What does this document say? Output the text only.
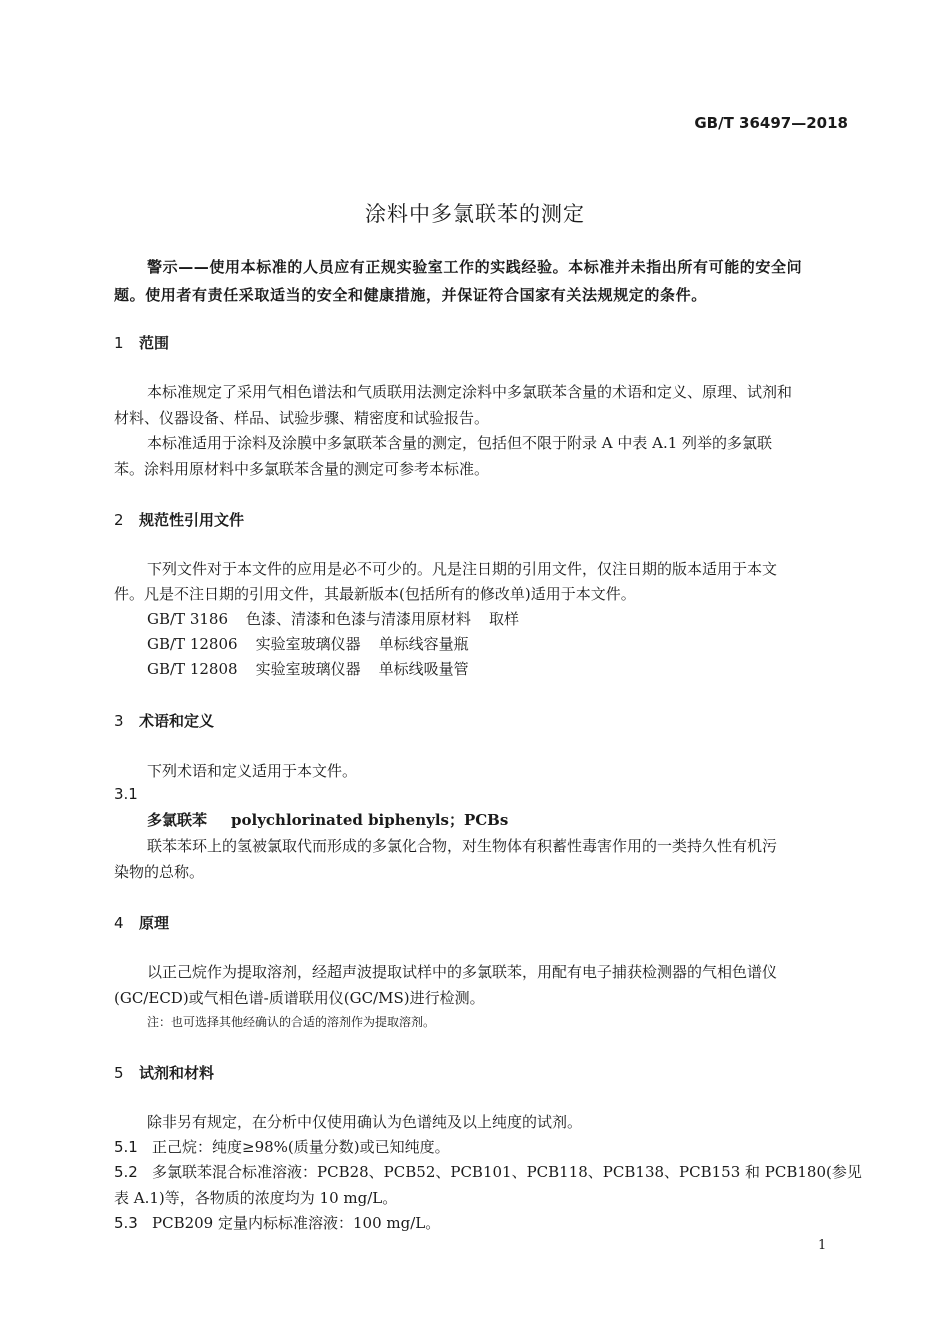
GB/T 36497—2018
涂料中多氯联苯的测定
警示——使用本标准的人员应有正规实验室工作的实践经验。本标准并未指出所有可能的安全问
题。使用者有责任采取适当的安全和健康措施，并保证符合国家有关法规规定的条件。
1 范围
本标准规定了采用气相色谱法和气质联用法测定涂料中多氯联苯含量的术语和定义、原理、试剂和
材料、仪器设备、样品、试验步骤、精密度和试验报告。
本标准适用于涂料及涂膜中多氯联苯含量的测定，包括但不限于附录 A 中表 A.1 列举的多氯联
苯。涂料用原材料中多氯联苯含量的测定可参考本标准。
2 规范性引用文件
下列文件对于本文件的应用是必不可少的。凡是注日期的引用文件，仅注日期的版本适用于本文
件。凡是不注日期的引用文件，其最新版本(包括所有的修改单)适用于本文件。
GB/T 3186 色漆、清漆和色漆与清漆用原材料 取样
GB/T 12806 实验室玻璃仪器 单标线容量瓶
GB/T 12808 实验室玻璃仪器 单标线吸量管
3 术语和定义
下列术语和定义适用于本文件。
3.1
多氯联苯 polychlorinated biphenyls；PCBs
联苯苯环上的氢被氯取代而形成的多氯化合物，对生物体有积蓄性毒害作用的一类持久性有机污
染物的总称。
4 原理
以正己烷作为提取溶剂，经超声波提取试样中的多氯联苯，用配有电子捕获检测器的气相色谱仪
(GC/ECD)或气相色谱-质谱联用仪(GC/MS)进行检测。
注：也可选择其他经确认的合适的溶剂作为提取溶剂。
5 试剂和材料
除非另有规定，在分析中仅使用确认为色谱纯及以上纯度的试剂。
5.1 正己烷：纯度≥98%(质量分数)或已知纯度。
5.2 多氯联苯混合标准溶液：PCB28、PCB52、PCB101、PCB118、PCB138、PCB153 和 PCB180(参见
表 A.1)等，各物质的浓度均为 10 mg/L。
5.3 PCB209 定量内标标准溶液：100 mg/L。
1
